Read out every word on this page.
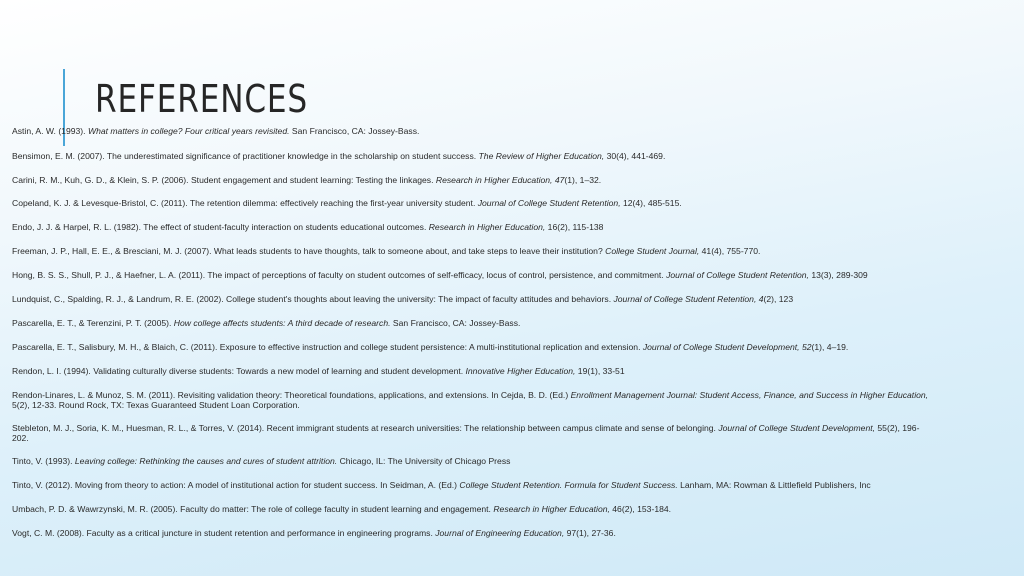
REFERENCES
Astin, A. W. (1993). What matters in college? Four critical years revisited. San Francisco, CA: Jossey-Bass.
Bensimon, E. M. (2007). The underestimated significance of practitioner knowledge in the scholarship on student success. The Review of Higher Education, 30(4), 441-469.
Carini, R. M., Kuh, G. D., & Klein, S. P. (2006). Student engagement and student learning: Testing the linkages. Research in Higher Education, 47(1), 1–32.
Copeland, K. J. & Levesque-Bristol, C. (2011). The retention dilemma: effectively reaching the first-year university student. Journal of College Student Retention, 12(4), 485-515.
Endo, J. J. & Harpel, R. L. (1982). The effect of student-faculty interaction on students educational outcomes. Research in Higher Education, 16(2), 115-138
Freeman, J. P., Hall, E. E., & Bresciani, M. J. (2007). What leads students to have thoughts, talk to someone about, and take steps to leave their institution? College Student Journal, 41(4), 755-770.
Hong, B. S. S., Shull, P. J., & Haefner, L. A. (2011). The impact of perceptions of faculty on student outcomes of self-efficacy, locus of control, persistence, and commitment. Journal of College Student Retention, 13(3), 289-309
Lundquist, C., Spalding, R. J., & Landrum, R. E. (2002). College student's thoughts about leaving the university: The impact of faculty attitudes and behaviors. Journal of College Student Retention, 4(2), 123
Pascarella, E. T., & Terenzini, P. T. (2005). How college affects students: A third decade of research. San Francisco, CA: Jossey-Bass.
Pascarella, E. T., Salisbury, M. H., & Blaich, C. (2011). Exposure to effective instruction and college student persistence: A multi-institutional replication and extension. Journal of College Student Development, 52(1), 4–19.
Rendon, L. I. (1994). Validating culturally diverse students: Towards a new model of learning and student development. Innovative Higher Education, 19(1), 33-51
Rendon-Linares, L. & Munoz, S. M. (2011). Revisiting validation theory: Theoretical foundations, applications, and extensions. In Cejda, B. D. (Ed.) Enrollment Management Journal: Student Access, Finance, and Success in Higher Education,
5(2), 12-33. Round Rock, TX: Texas Guaranteed Student Loan Corporation.
Stebleton, M. J., Soria, K. M., Huesman, R. L., & Torres, V. (2014). Recent immigrant students at research universities: The relationship between campus climate and sense of belonging. Journal of College Student Development, 55(2), 196-
202.
Tinto, V. (1993). Leaving college: Rethinking the causes and cures of student attrition. Chicago, IL: The University of Chicago Press
Tinto, V. (2012). Moving from theory to action: A model of institutional action for student success. In Seidman, A. (Ed.) College Student Retention. Formula for Student Success. Lanham, MA: Rowman & Littlefield Publishers, Inc
Umbach, P. D. & Wawrzynski, M. R. (2005). Faculty do matter: The role of college faculty in student learning and engagement. Research in Higher Education, 46(2), 153-184.
Vogt, C. M. (2008). Faculty as a critical juncture in student retention and performance in engineering programs. Journal of Engineering Education, 97(1), 27-36.
